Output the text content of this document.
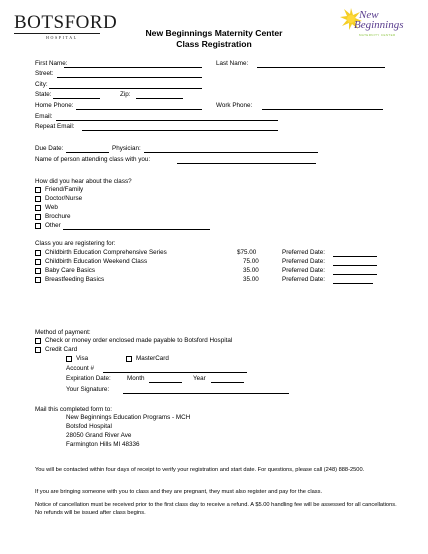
BOTSFORD
HOSPITAL	New Beginnings Maternity Center
Class Registration
New
Beginnings
MATERNITY CENTER
First Name:	Last Name:
Street:
City:
State:	Zip:
Home Phone:	Work Phone:
Email:
Repeat Email:
Due Date:	Physician:
Name of person attending class with you:
How did you hear about the class?
Friend/Family
Doctor/Nurse
Web
Brochure
Other
Class you are registering for:
Childbirth Education Comprehensive Series	$75.00	Preferred Date:
Childbirth Education Weekend Class	75.00	Preferred Date:
Baby Care Basics	35.00	Preferred Date:
Breastfeeding Basics	35.00	Preferred Date:
Method of payment:
Check or money order enclosed made payable to Botsford Hospital
Credit Card
Visa	MasterCard
Account #
Expiration Date:	Month	Year
Your Signature:
Mail this completed form to:
New Beginnings Education Programs - MCH
Botsfod Hospital
28050 Grand River Ave
Farmington Hills MI 48336
You will be contacted within four days of receipt to verify your registration and start date. For questions, please call (248) 888-2500.
If you are bringing someone with you to class and they are pregnant, they must also register and pay for the class.
Notice of cancellation must be received prior to the first class day to receive a refund. A $5.00 handling fee will be assessed for all cancellations. No refunds will be issued after class begins.
